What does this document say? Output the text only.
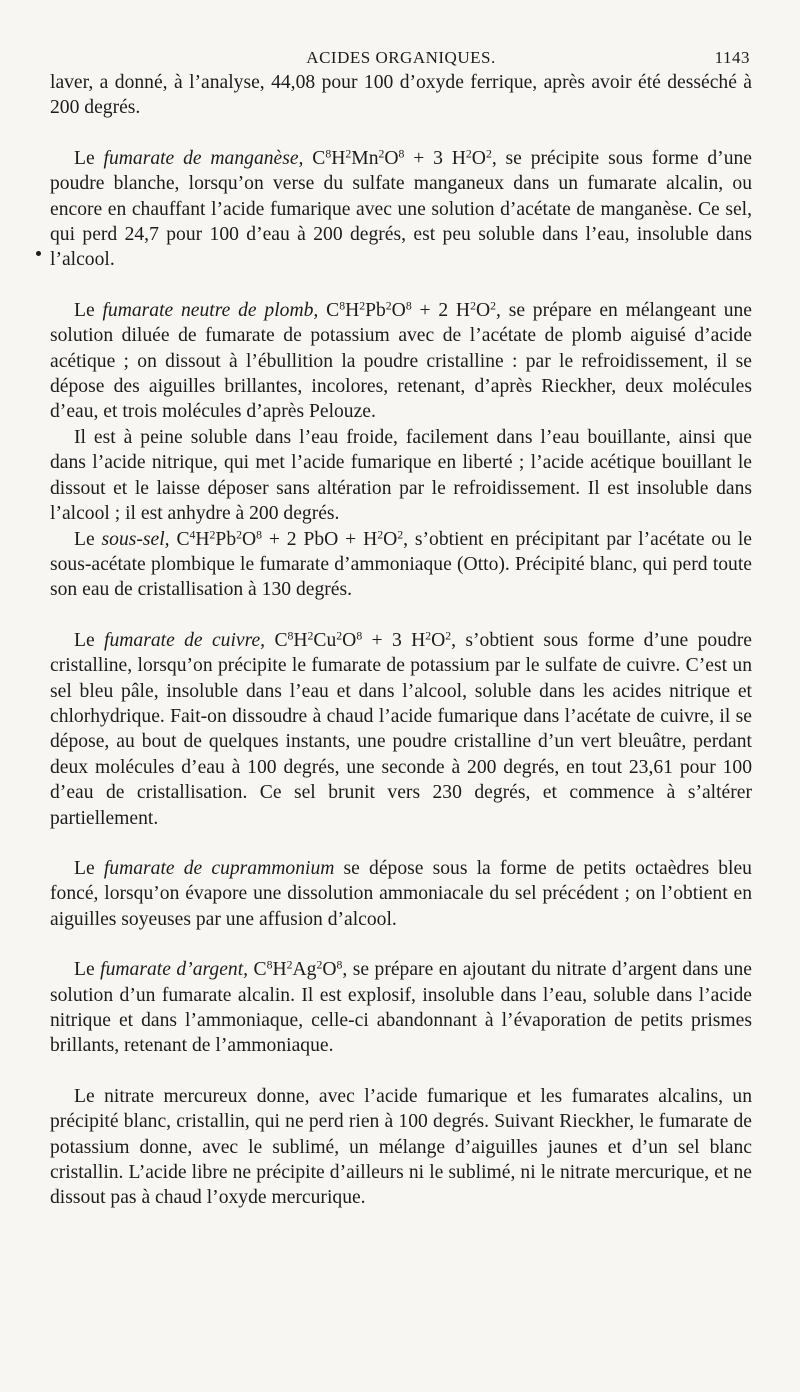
ACIDES ORGANIQUES.	1143

laver, a donné, à l’analyse, 44,08 pour 100 d’oxyde ferrique, après avoir été desséché à 200 degrés.

Le fumarate de manganèse, $C^8H^2Mn^2O^8 + 3$ $H^2O^2$, se précipite sous forme d’une poudre blanche, lorsqu’on verse du sulfate manganeux dans un fumarate alcalin, ou encore en chauffant l’acide fumarique avec une solution d’acétate de manganèse. Ce sel, qui perd 24,7 pour 100 d’eau à 200 degrés, est peu soluble dans l’eau, insoluble dans l’alcool.

Le fumarate neutre de plomb, $C^8H^2Pb^2O^8 + 2$ $H^2O^2$, se prépare en mélangeant une solution diluée de fumarate de potassium avec de l’acétate de plomb aiguisé d’acide acétique ; on dissout à l’ébullition la poudre cristalline : par le refroidissement, il se dépose des aiguilles brillantes, incolores, retenant, d’après Rieckher, deux molécules d’eau, et trois molécules d’après Pelouze.

Il est à peine soluble dans l’eau froide, facilement dans l’eau bouillante, ainsi que dans l’acide nitrique, qui met l’acide fumarique en liberté ; l’acide acétique bouillant le dissout et le laisse déposer sans altération par le refroidissement. Il est insoluble dans l’alcool ; il est anhydre à 200 degrés.

Le sous-sel, $C^4H^2Pb^2O^8 + 2$ PbO + $H^2O^2$, s’obtient en précipitant par l’acétate ou le sous-acétate plombique le fumarate d’ammoniaque (Otto). Précipité blanc, qui perd toute son eau de cristallisation à 130 degrés.

Le fumarate de cuivre, $C^8H^2Cu^2O^8 + 3$ $H^2O^2$, s’obtient sous forme d’une poudre cristalline, lorsqu’on précipite le fumarate de potassium par le sulfate de cuivre. C’est un sel bleu pâle, insoluble dans l’eau et dans l’alcool, soluble dans les acides nitrique et chlorhydrique. Fait-on dissoudre à chaud l’acide fumarique dans l’acétate de cuivre, il se dépose, au bout de quelques instants, une poudre cristalline d’un vert bleuâtre, perdant deux molécules d’eau à 100 degrés, une seconde à 200 degrés, en tout 23,61 pour 100 d’eau de cristallisation. Ce sel brunit vers 230 degrés, et commence à s’altérer partiellement.

Le fumarate de cuprammonium se dépose sous la forme de petits octaèdres bleu foncé, lorsqu’on évapore une dissolution ammoniacale du sel précédent ; on l’obtient en aiguilles soyeuses par une affusion d’alcool.

Le fumarate d’argent, $C^8H^2Ag^2O^8$, se prépare en ajoutant du nitrate d’argent dans une solution d’un fumarate alcalin. Il est explosif, insoluble dans l’eau, soluble dans l’acide nitrique et dans l’ammoniaque, celle-ci abandonnant à l’évaporation de petits prismes brillants, retenant de l’ammoniaque.

Le nitrate mercureux donne, avec l’acide fumarique et les fumarates alcalins, un précipité blanc, cristallin, qui ne perd rien à 100 degrés. Suivant Rieckher, le fumarate de potassium donne, avec le sublimé, un mélange d’aiguilles jaunes et d’un sel blanc cristallin. L’acide libre ne précipite d’ailleurs ni le sublimé, ni le nitrate mercurique, et ne dissout pas à chaud l’oxyde mercurique.
